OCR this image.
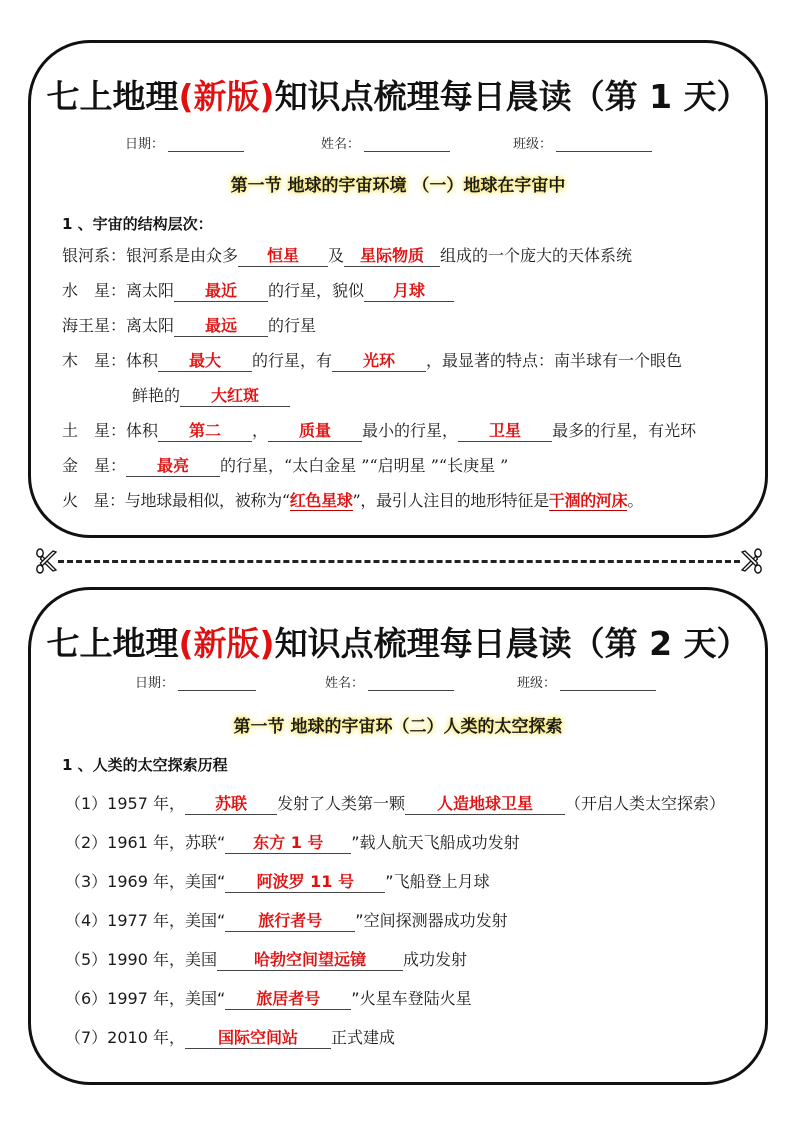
七上地理(新版)知识点梳理每日晨读（第 1 天）
日期：	姓名：	班级：
第一节 地球的宇宙环境 （一）地球在宇宙中
1 、宇宙的结构层次：
银河系：银河系是由众多 恒星 及 星际物质 组成的一个庞大的天体系统
水　星：离太阳 最近 的行星，貌似 月球
海王星：离太阳 最远 的行星
木　星：体积 最大 的行星，有 光环 ，最显著的特点：南半球有一个眼色
鲜艳的 大红斑
土　星：体积 第二 ， 质量 最小的行星， 卫星 最多的行星，有光环
金　星： 最亮 的行星，“太白金星 ”“启明星 ”“长庚星 ”
火　星：与地球最相似，被称为“红色星球”，最引人注目的地形特征是干涸的河床。
七上地理(新版)知识点梳理每日晨读（第 2 天）
日期：	姓名：	班级：
第一节 地球的宇宙环（二）人类的太空探索
1 、人类的太空探索历程
（1）1957 年， 苏联 发射了人类第一颗 人造地球卫星 （开启人类太空探索）
（2）1961 年，苏联“ 东方 1 号 ”载人航天飞船成功发射
（3）1969 年，美国“ 阿波罗 11 号 ”飞船登上月球
（4）1977 年，美国“ 旅行者号 ”空间探测器成功发射
（5）1990 年，美国 哈勃空间望远镜 成功发射
（6）1997 年，美国“ 旅居者号 ”火星车登陆火星
（7）2010 年， 国际空间站 正式建成
